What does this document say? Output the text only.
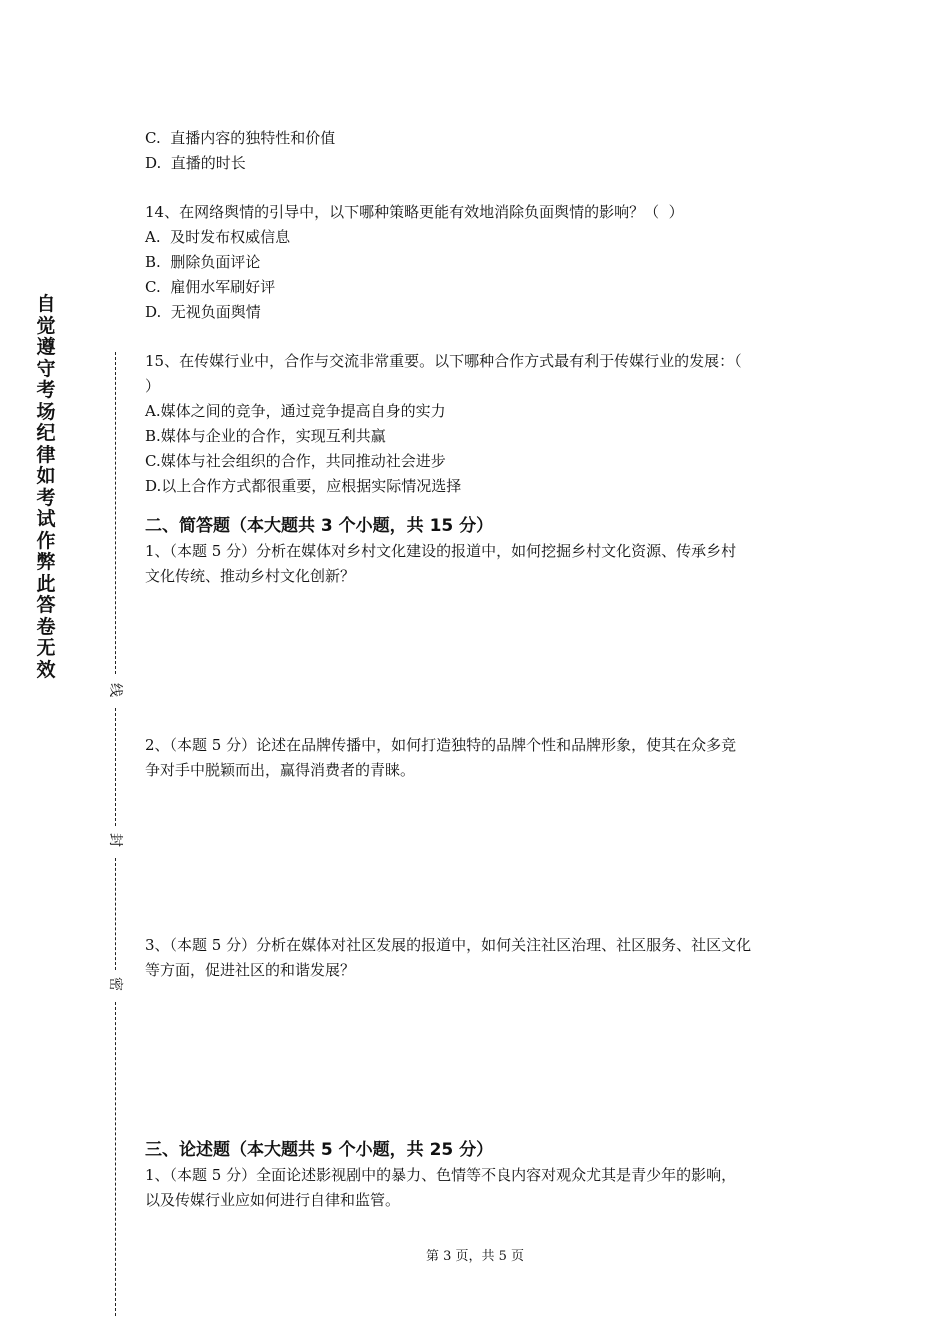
自觉遵守考场纪律如考试作弊此答卷无效
线
封
密
C.  直播内容的独特性和价值
D.  直播的时长
14、在网络舆情的引导中，以下哪种策略更能有效地消除负面舆情的影响？（  ）
A.  及时发布权威信息
B.  删除负面评论
C.  雇佣水军刷好评
D.  无视负面舆情
15、在传媒行业中，合作与交流非常重要。以下哪种合作方式最有利于传媒行业的发展：（
）
A.媒体之间的竞争，通过竞争提高自身的实力
B.媒体与企业的合作，实现互利共赢
C.媒体与社会组织的合作，共同推动社会进步
D.以上合作方式都很重要，应根据实际情况选择
二、简答题（本大题共 3 个小题，共 15 分）
1、（本题 5 分）分析在媒体对乡村文化建设的报道中，如何挖掘乡村文化资源、传承乡村
文化传统、推动乡村文化创新？
2、（本题 5 分）论述在品牌传播中，如何打造独特的品牌个性和品牌形象，使其在众多竞
争对手中脱颖而出，赢得消费者的青睐。
3、（本题 5 分）分析在媒体对社区发展的报道中，如何关注社区治理、社区服务、社区文化
等方面，促进社区的和谐发展？
三、论述题（本大题共 5 个小题，共 25 分）
1、（本题 5 分）全面论述影视剧中的暴力、色情等不良内容对观众尤其是青少年的影响，
以及传媒行业应如何进行自律和监管。
第 3 页，共 5 页
